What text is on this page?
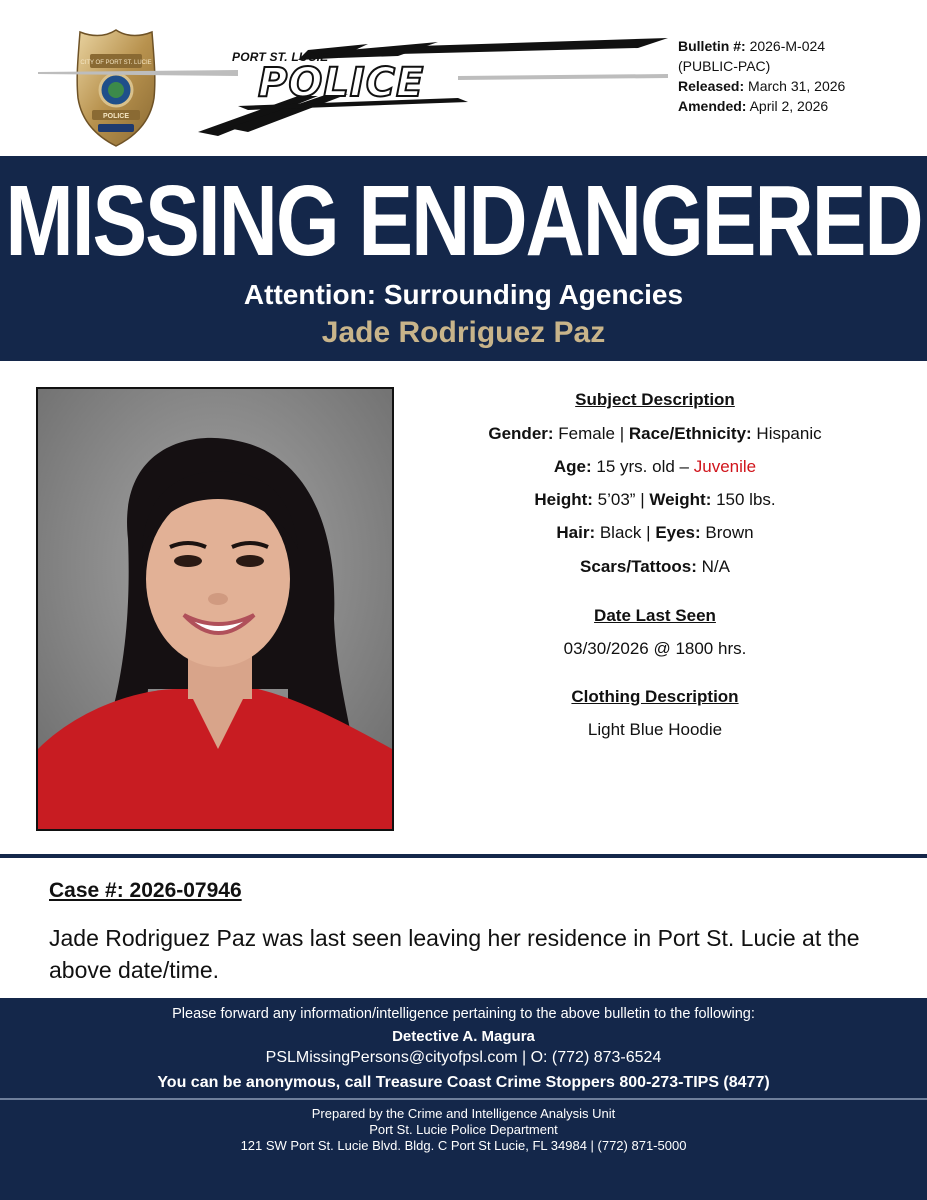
CITY OF PORT ST. LUCIE
POLICE
PORT ST. LUCIE
POLICE
Bulletin #: 2026-M-024
(PUBLIC-PAC)
Released: March 31, 2026
Amended: April 2, 2026
MISSING ENDANGERED
Attention: Surrounding Agencies
Jade Rodriguez Paz
Subject Description
Gender: Female | Race/Ethnicity: Hispanic
Age: 15 yrs. old – Juvenile
Height: 5’03” | Weight: 150 lbs.
Hair: Black | Eyes: Brown
Scars/Tattoos: N/A
Date Last Seen
03/30/2026 @ 1800 hrs.
Clothing Description
Light Blue Hoodie
Case #: 2026-07946
Jade Rodriguez Paz was last seen leaving her residence in Port St. Lucie at the above date/time.
Please forward any information/intelligence pertaining to the above bulletin to the following:
Detective A. Magura
PSLMissingPersons@cityofpsl.com | O: (772) 873-6524
You can be anonymous, call Treasure Coast Crime Stoppers 800-273-TIPS (8477)
Prepared by the Crime and Intelligence Analysis Unit
Port St. Lucie Police Department
121 SW Port St. Lucie Blvd. Bldg. C Port St Lucie, FL 34984 | (772) 871-5000
